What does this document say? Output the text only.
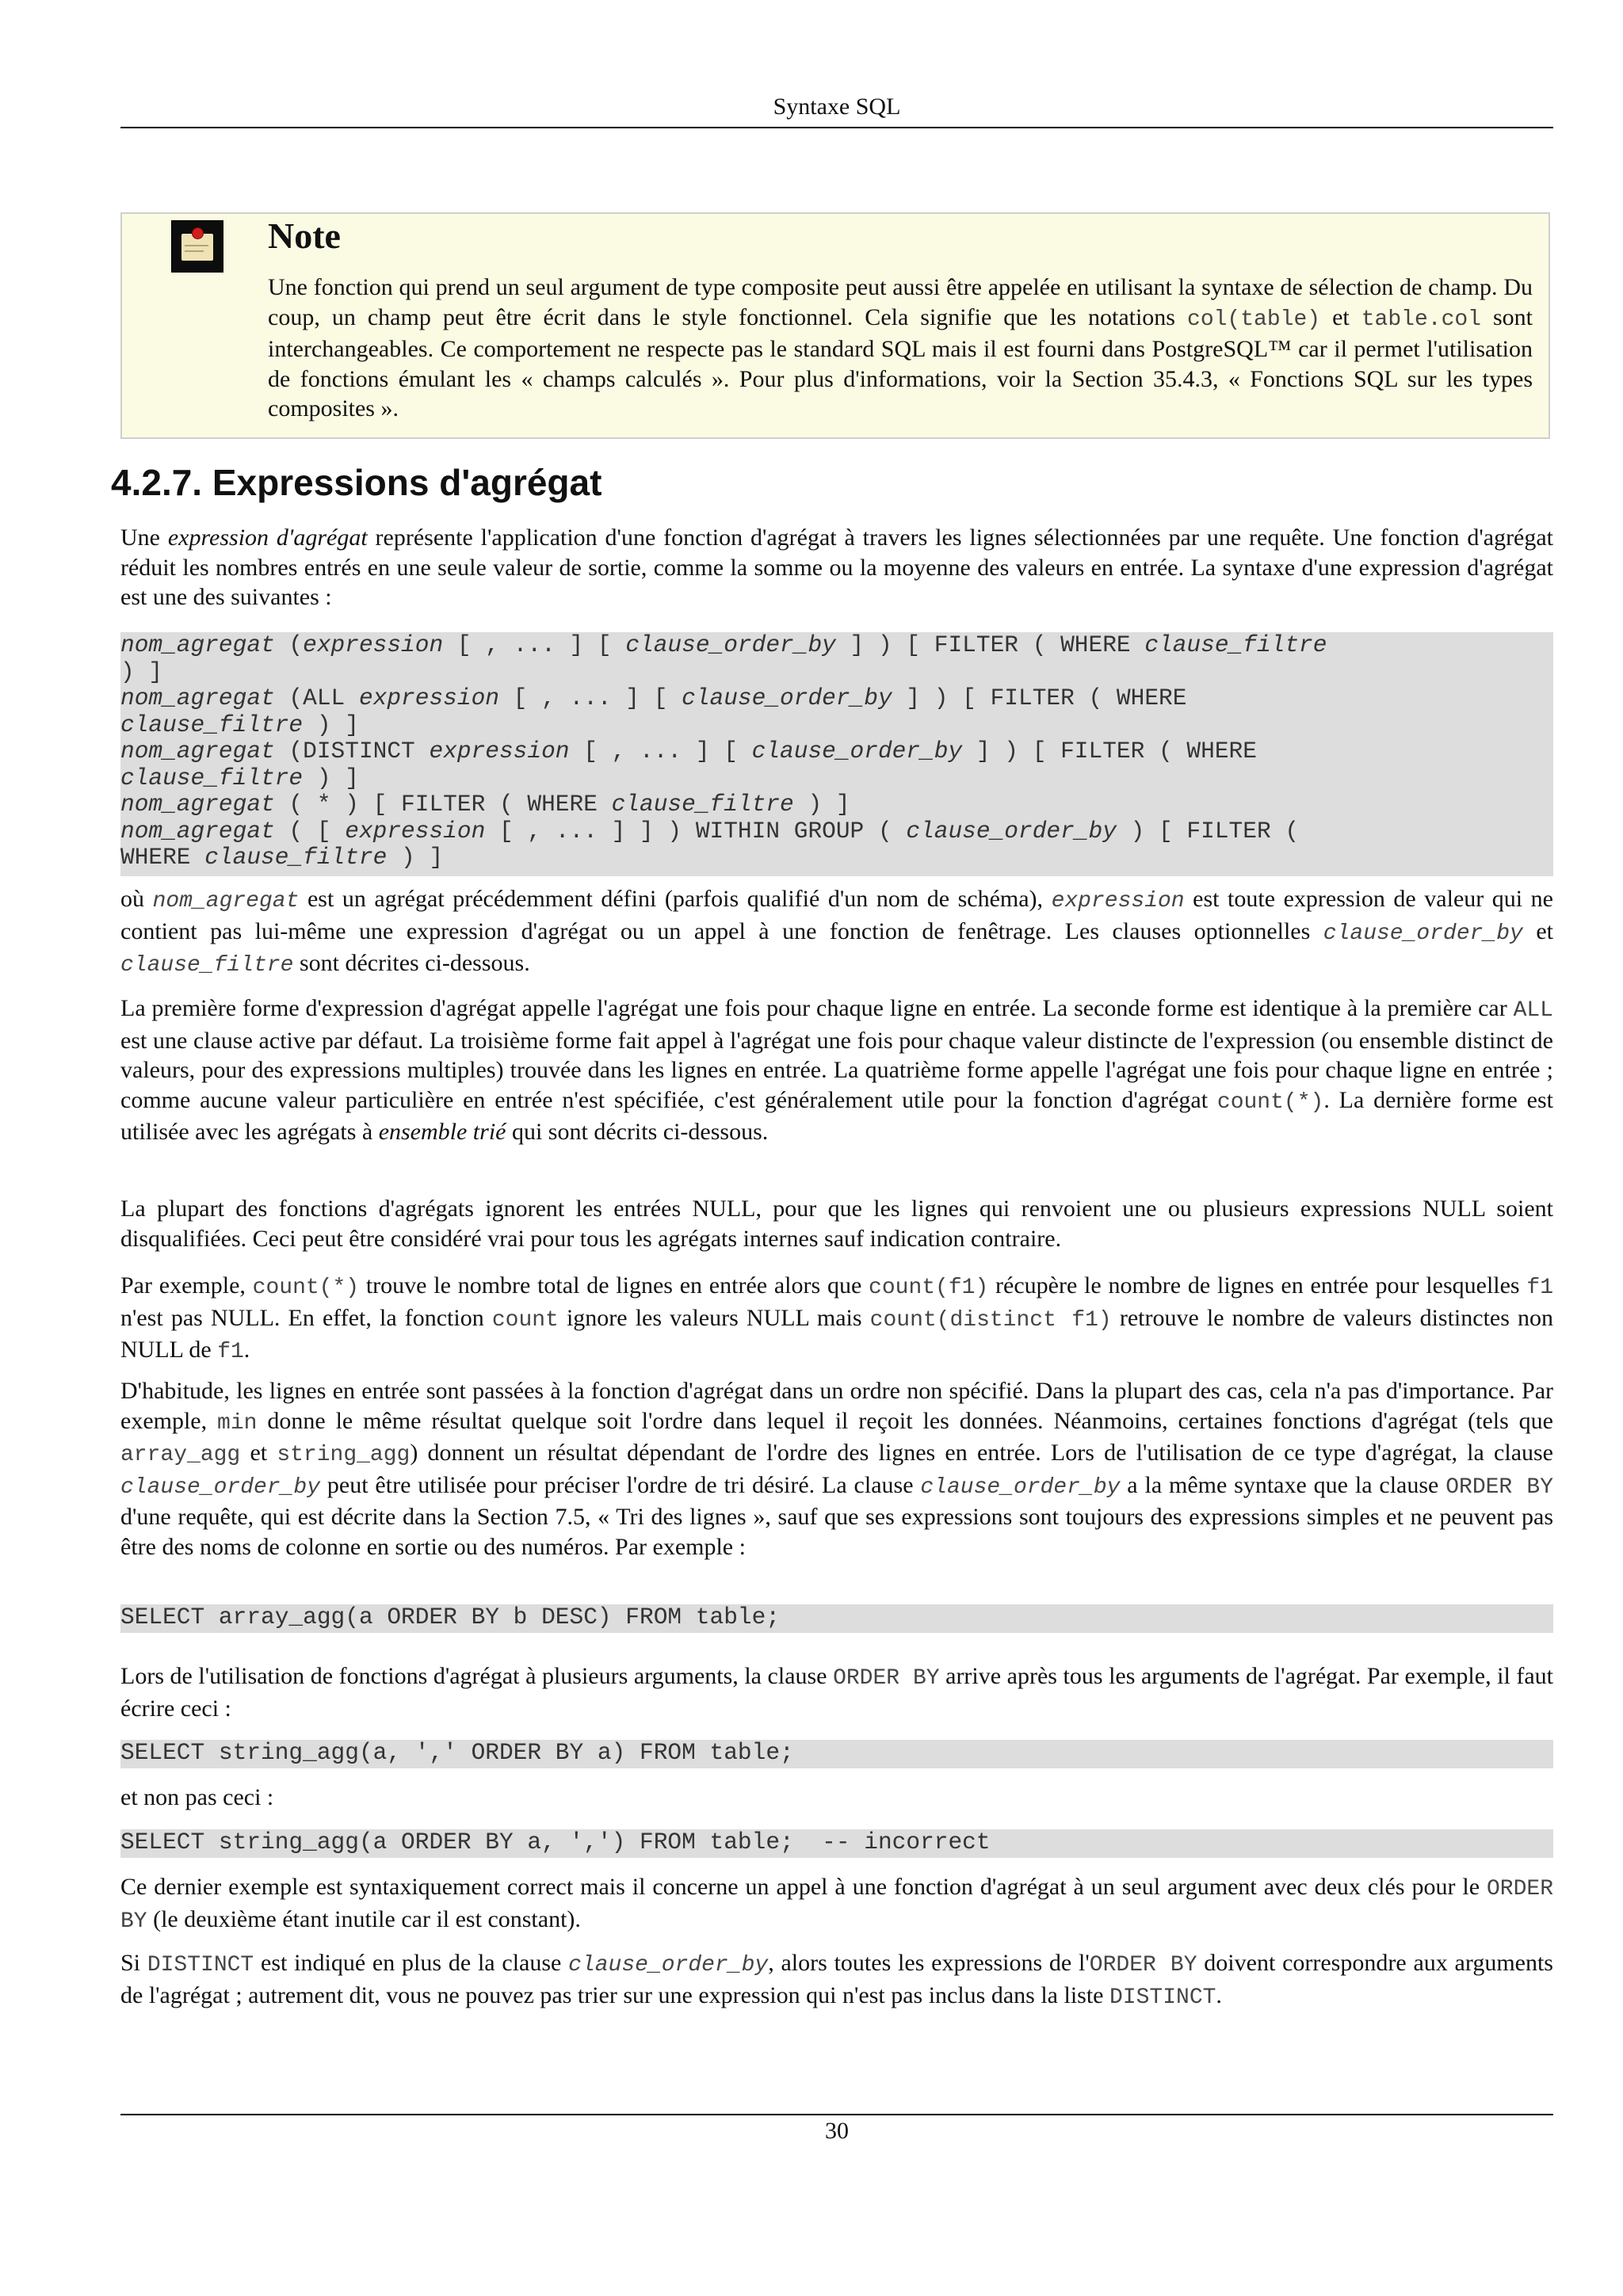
Syntaxe SQL
Note
Une fonction qui prend un seul argument de type composite peut aussi être appelée en utilisant la syntaxe de sélection de champ. Du coup, un champ peut être écrit dans le style fonctionnel. Cela signifie que les notations col(table) et table.col sont interchangeables. Ce comportement ne respecte pas le standard SQL mais il est fourni dans PostgreSQL™ car il permet l'utilisation de fonctions émulant les « champs calculés ». Pour plus d'informations, voir la Section 35.4.3, « Fonctions SQL sur les types composites ».
4.2.7. Expressions d'agrégat

Une expression d'agrégat représente l'application d'une fonction d'agrégat à travers les lignes sélectionnées par une requête. Une fonction d'agrégat réduit les nombres entrés en une seule valeur de sortie, comme la somme ou la moyenne des valeurs en entrée. La syntaxe d'une expression d'agrégat est une des suivantes :

nom_agregat (expression [ , ... ] [ clause_order_by ] ) [ FILTER ( WHERE clause_filtre
) ]
nom_agregat (ALL expression [ , ... ] [ clause_order_by ] ) [ FILTER ( WHERE
clause_filtre ) ]
nom_agregat (DISTINCT expression [ , ... ] [ clause_order_by ] ) [ FILTER ( WHERE
clause_filtre ) ]
nom_agregat ( * ) [ FILTER ( WHERE clause_filtre ) ]
nom_agregat ( [ expression [ , ... ] ] ) WITHIN GROUP ( clause_order_by ) [ FILTER (
WHERE clause_filtre ) ]

où nom_agregat est un agrégat précédemment défini (parfois qualifié d'un nom de schéma), expression est toute expression de valeur qui ne contient pas lui-même une expression d'agrégat ou un appel à une fonction de fenêtrage. Les clauses optionnelles clause_order_by et clause_filtre sont décrites ci-dessous.

La première forme d'expression d'agrégat appelle l'agrégat une fois pour chaque ligne en entrée. La seconde forme est identique à la première car ALL est une clause active par défaut. La troisième forme fait appel à l'agrégat une fois pour chaque valeur distincte de l'expression (ou ensemble distinct de valeurs, pour des expressions multiples) trouvée dans les lignes en entrée. La quatrième forme appelle l'agrégat une fois pour chaque ligne en entrée ; comme aucune valeur particulière en entrée n'est spécifiée, c'est généralement utile pour la fonction d'agrégat count(*). La dernière forme est utilisée avec les agrégats à ensemble trié qui sont décrits ci-dessous.

La plupart des fonctions d'agrégats ignorent les entrées NULL, pour que les lignes qui renvoient une ou plusieurs expressions NULL soient disqualifiées. Ceci peut être considéré vrai pour tous les agrégats internes sauf indication contraire.

Par exemple, count(*) trouve le nombre total de lignes en entrée alors que count(f1) récupère le nombre de lignes en entrée pour lesquelles f1 n'est pas NULL. En effet, la fonction count ignore les valeurs NULL mais count(distinct f1) retrouve le nombre de valeurs distinctes non NULL de f1.

D'habitude, les lignes en entrée sont passées à la fonction d'agrégat dans un ordre non spécifié. Dans la plupart des cas, cela n'a pas d'importance. Par exemple, min donne le même résultat quelque soit l'ordre dans lequel il reçoit les données. Néanmoins, certaines fonctions d'agrégat (tels que array_agg et string_agg) donnent un résultat dépendant de l'ordre des lignes en entrée. Lors de l'utilisation de ce type d'agrégat, la clause clause_order_by peut être utilisée pour préciser l'ordre de tri désiré. La clause clause_order_by a la même syntaxe que la clause ORDER BY d'une requête, qui est décrite dans la Section 7.5, « Tri des lignes », sauf que ses expressions sont toujours des expressions simples et ne peuvent pas être des noms de colonne en sortie ou des numéros. Par exemple :

SELECT array_agg(a ORDER BY b DESC) FROM table;

Lors de l'utilisation de fonctions d'agrégat à plusieurs arguments, la clause ORDER BY arrive après tous les arguments de l'agrégat. Par exemple, il faut écrire ceci :

SELECT string_agg(a, ',' ORDER BY a) FROM table;

et non pas ceci :

SELECT string_agg(a ORDER BY a, ',') FROM table;  -- incorrect

Ce dernier exemple est syntaxiquement correct mais il concerne un appel à une fonction d'agrégat à un seul argument avec deux clés pour le ORDER BY (le deuxième étant inutile car il est constant).

Si DISTINCT est indiqué en plus de la clause clause_order_by, alors toutes les expressions de l'ORDER BY doivent correspondre aux arguments de l'agrégat ; autrement dit, vous ne pouvez pas trier sur une expression qui n'est pas inclus dans la liste DISTINCT.

30
